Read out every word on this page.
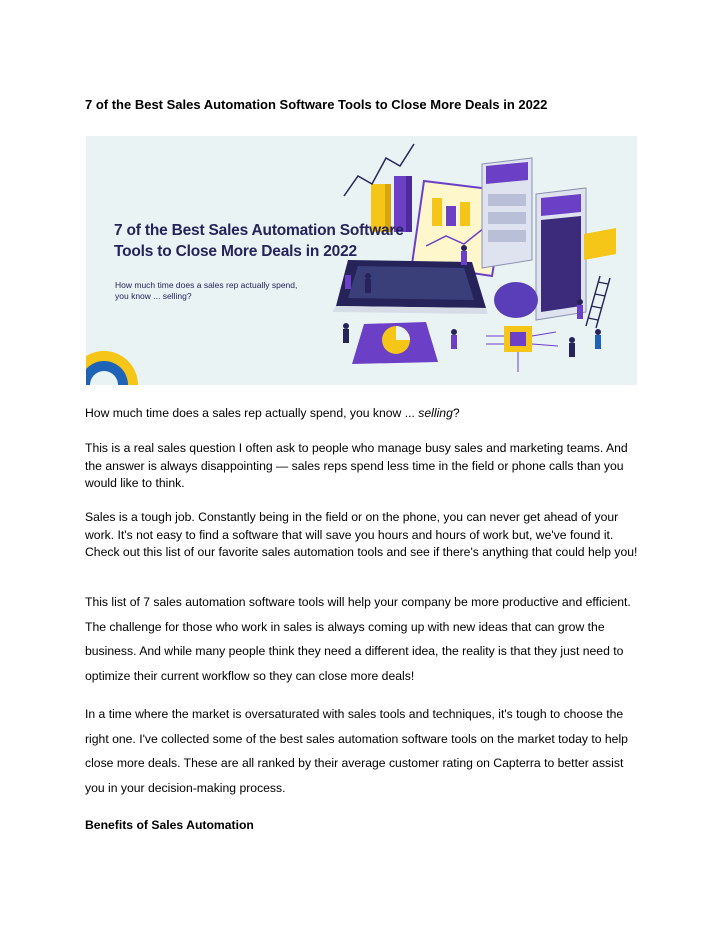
7 of the Best Sales Automation Software Tools to Close More Deals in 2022
7 of the Best Sales Automation Software
Tools to Close More Deals in 2022
How much time does a sales rep actually spend,
you know ... selling?
How much time does a sales rep actually spend, you know ... selling?
This is a real sales question I often ask to people who manage busy sales and marketing teams. And the answer is always disappointing — sales reps spend less time in the field or phone calls than you would like to think.
Sales is a tough job. Constantly being in the field or on the phone, you can never get ahead of your work. It's not easy to find a software that will save you hours and hours of work but, we've found it. Check out this list of our favorite sales automation tools and see if there's anything that could help you!
This list of 7 sales automation software tools will help your company be more productive and efficient. The challenge for those who work in sales is always coming up with new ideas that can grow the business. And while many people think they need a different idea, the reality is that they just need to optimize their current workflow so they can close more deals!
In a time where the market is oversaturated with sales tools and techniques, it's tough to choose the right one. I've collected some of the best sales automation software tools on the market today to help close more deals. These are all ranked by their average customer rating on Capterra to better assist you in your decision-making process.
Benefits of Sales Automation
